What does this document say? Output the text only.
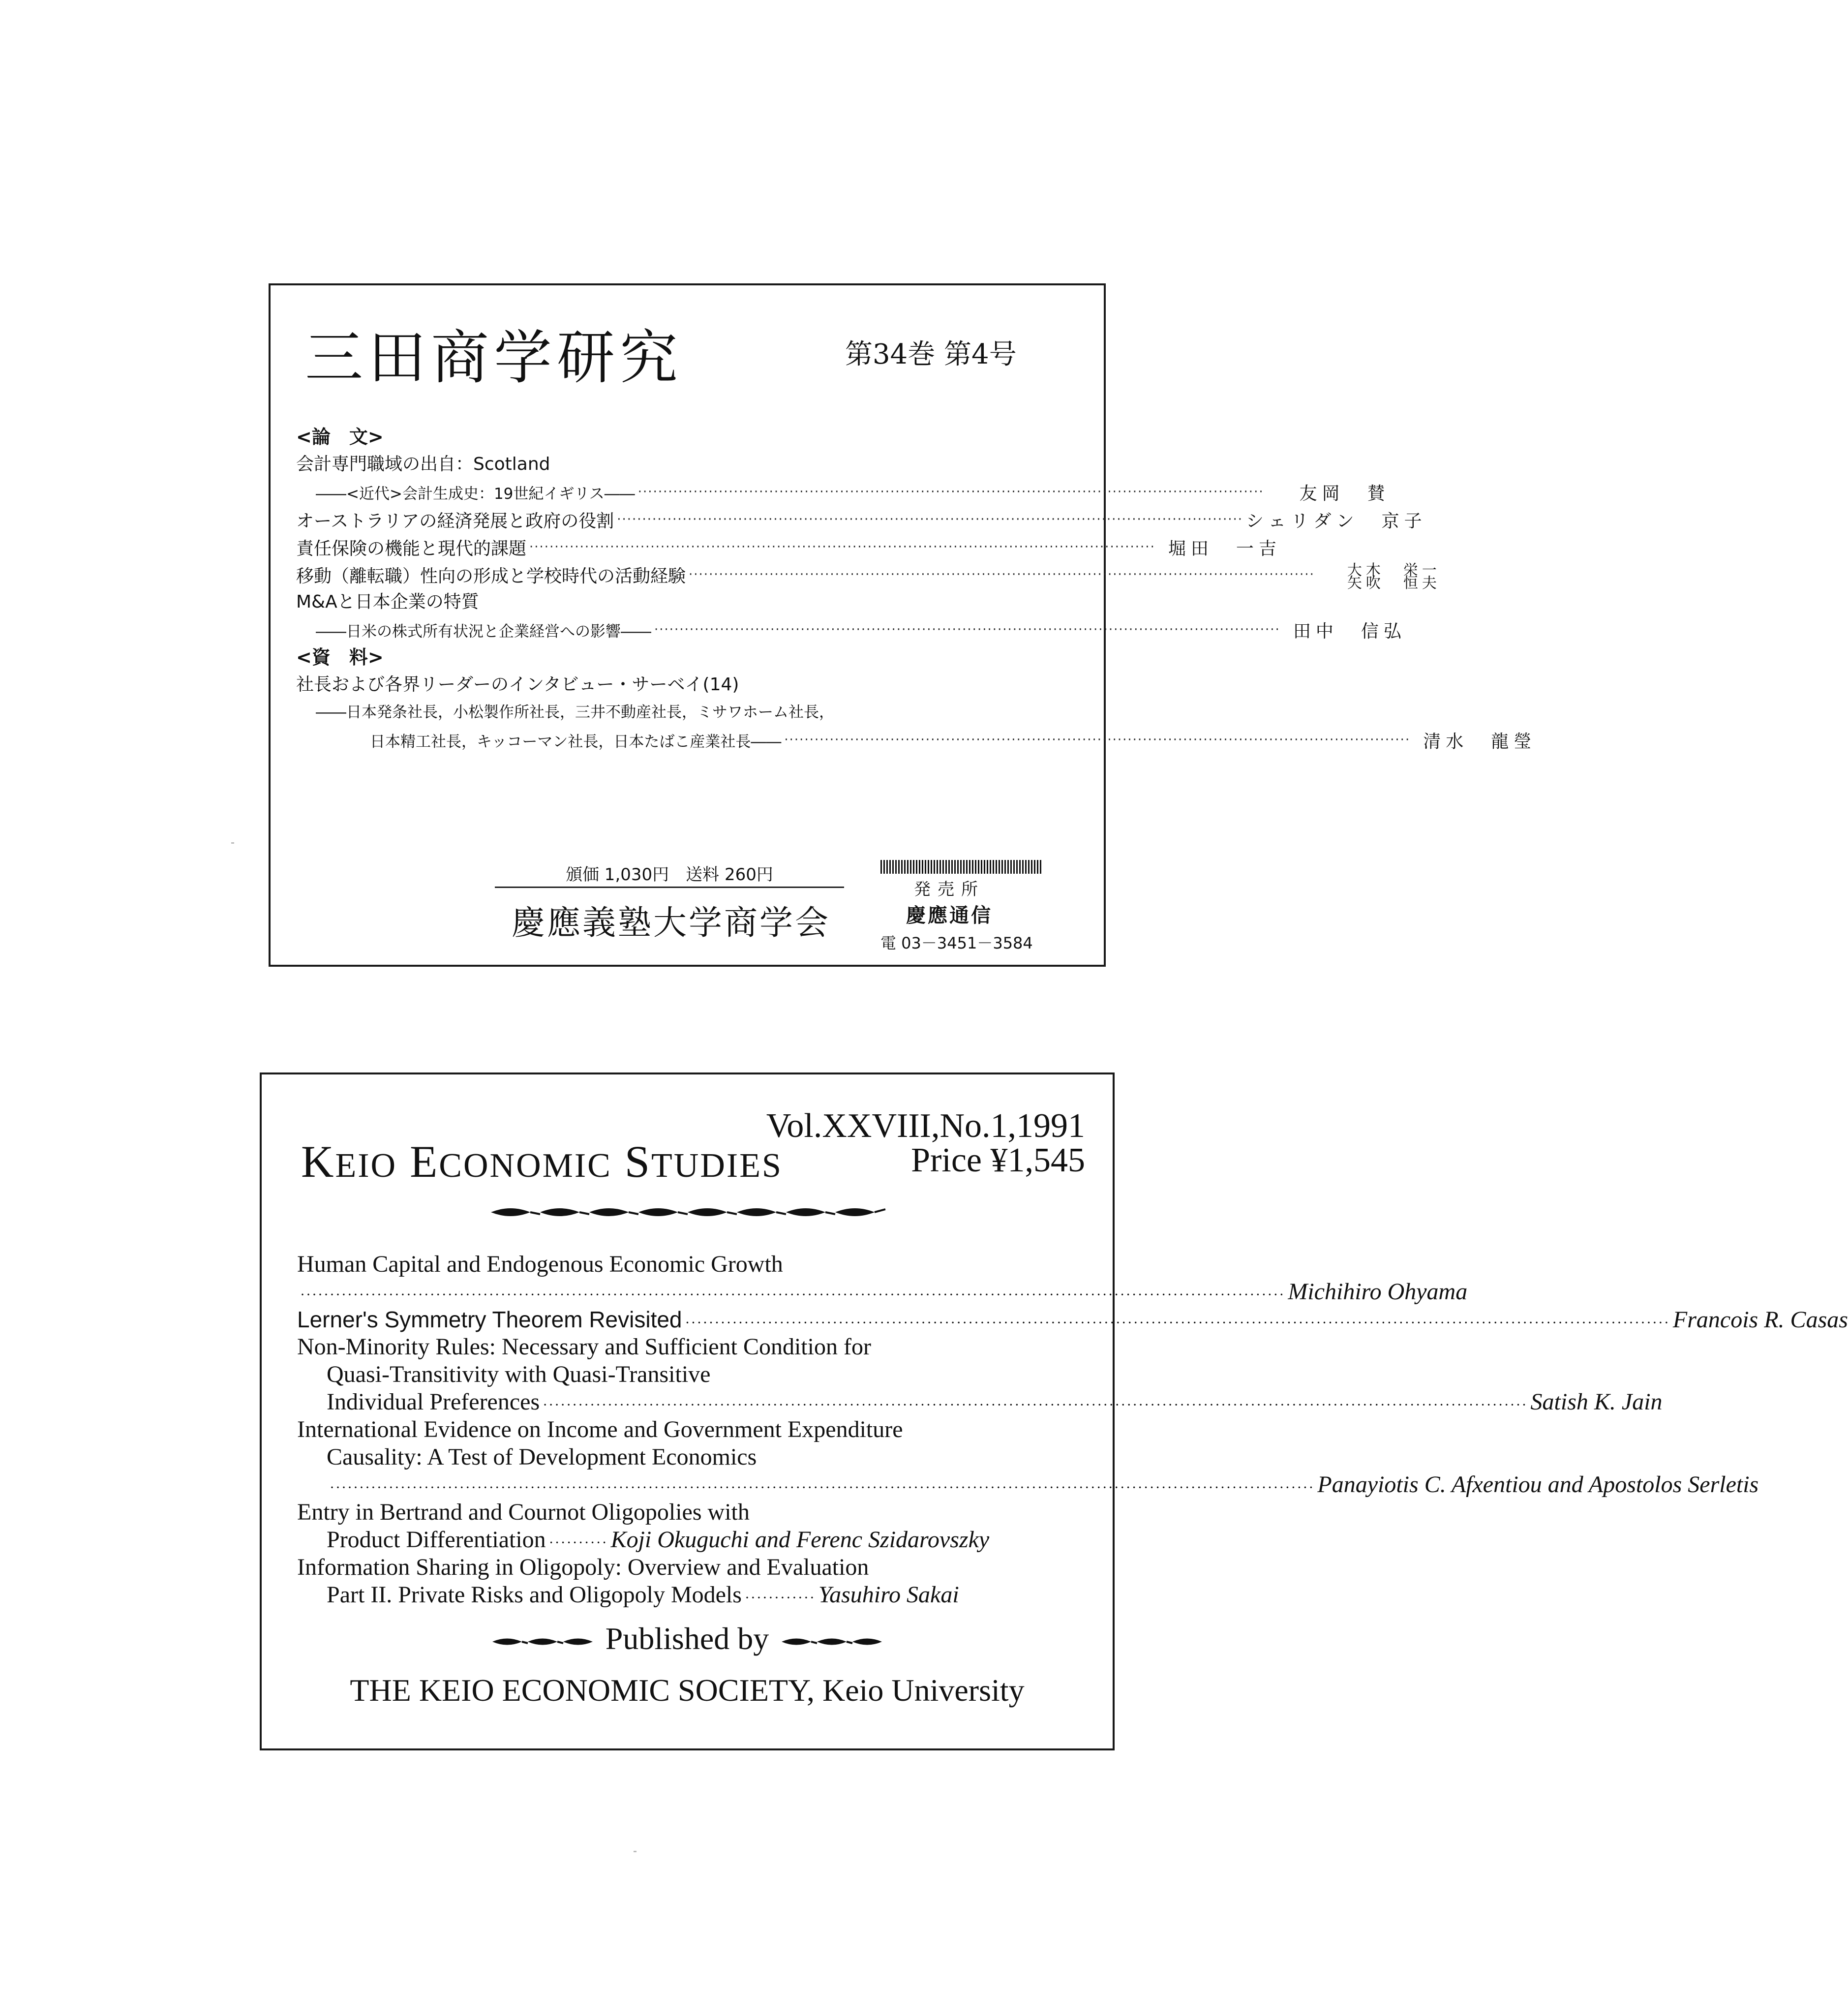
三田商学研究	第34巻 第4号
<論　文>
会計専門職域の出自：Scotland
――<近代>会計生成史：19世紀イギリス―― ····························································································································	友岡　賛
オーストラリアの経済発展と政府の役割 ···························································································································· シェリダン　京子
責任保険の機能と現代的課題 ···························································································································· 堀田　一吉
移動（離転職）性向の形成と学校時代の活動経験 ···························································································································· 大木　栄一
矢吹　恒夫
M&Aと日本企業の特質
――日米の株式所有状況と企業経営への影響―― ···························································································································· 田中　信弘
<資　料>
社長および各界リーダーのインタビュー・サーベイ(14)
――日本発条社長，小松製作所社長，三井不動産社長，ミサワホーム社長，
日本精工社長，キッコーマン社長，日本たばこ産業社長―― ···························································································································· 清水　龍瑩
頒価 1,030円　送料 260円
慶應義塾大学商学会
発売所
慶應通信
電 03－3451－3584
KEIO ECONOMIC STUDIES
Vol.XXVIII,No.1,1991
Price ¥1,545
Human Capital and Endogenous Economic Growth
······································································································································································· Michihiro Ohyama
Lerner's Symmetry Theorem Revisited ······································································································································································· Francois R. Casas
Non-Minority Rules: Necessary and Sufficient Condition for
Quasi-Transitivity with Quasi-Transitive
Individual Preferences ······································································································································································· Satish K. Jain
International Evidence on Income and Government Expenditure
Causality: A Test of Development Economics
······································································································································································· Panayiotis C. Afxentiou and Apostolos Serletis
Entry in Bertrand and Cournot Oligopolies with
Product Differentiation ·········· Koji Okuguchi and Ferenc Szidarovszky
Information Sharing in Oligopoly: Overview and Evaluation
Part II. Private Risks and Oligopoly Models ············ Yasuhiro Sakai
Published by
THE KEIO ECONOMIC SOCIETY, Keio University
